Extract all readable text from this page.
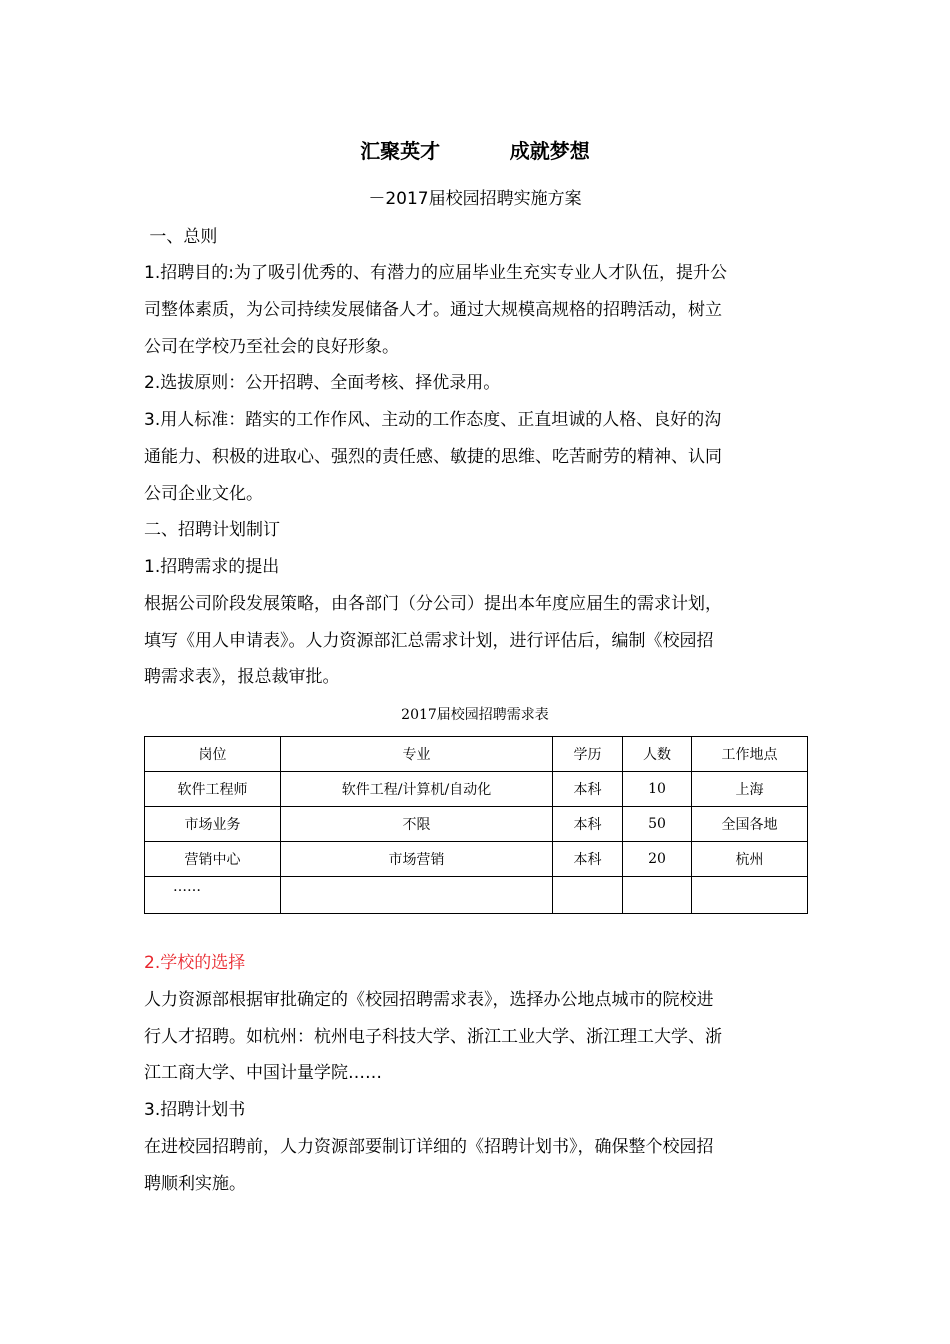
汇聚英才          成就梦想
－2017届校园招聘实施方案
一、总则
1.招聘目的:为了吸引优秀的、有潜力的应届毕业生充实专业人才队伍，提升公
司整体素质，为公司持续发展储备人才。通过大规模高规格的招聘活动，树立
公司在学校乃至社会的良好形象。
2.选拔原则：公开招聘、全面考核、择优录用。
3.用人标准：踏实的工作作风、主动的工作态度、正直坦诚的人格、良好的沟
通能力、积极的进取心、强烈的责任感、敏捷的思维、吃苦耐劳的精神、认同
公司企业文化。
二、招聘计划制订
1.招聘需求的提出
根据公司阶段发展策略，由各部门（分公司）提出本年度应届生的需求计划，
填写《用人申请表》。人力资源部汇总需求计划，进行评估后，编制《校园招
聘需求表》，报总裁审批。
2017届校园招聘需求表
岗位	专业	学历	人数	工作地点
软件工程师	软件工程/计算机/自动化	本科	10	上海
市场业务	不限	本科	50	全国各地
营销中心	市场营销	本科	20	杭州
……				
2.学校的选择
人力资源部根据审批确定的《校园招聘需求表》，选择办公地点城市的院校进
行人才招聘。如杭州：杭州电子科技大学、浙江工业大学、浙江理工大学、浙
江工商大学、中国计量学院……
3.招聘计划书
在进校园招聘前，人力资源部要制订详细的《招聘计划书》，确保整个校园招
聘顺利实施。
